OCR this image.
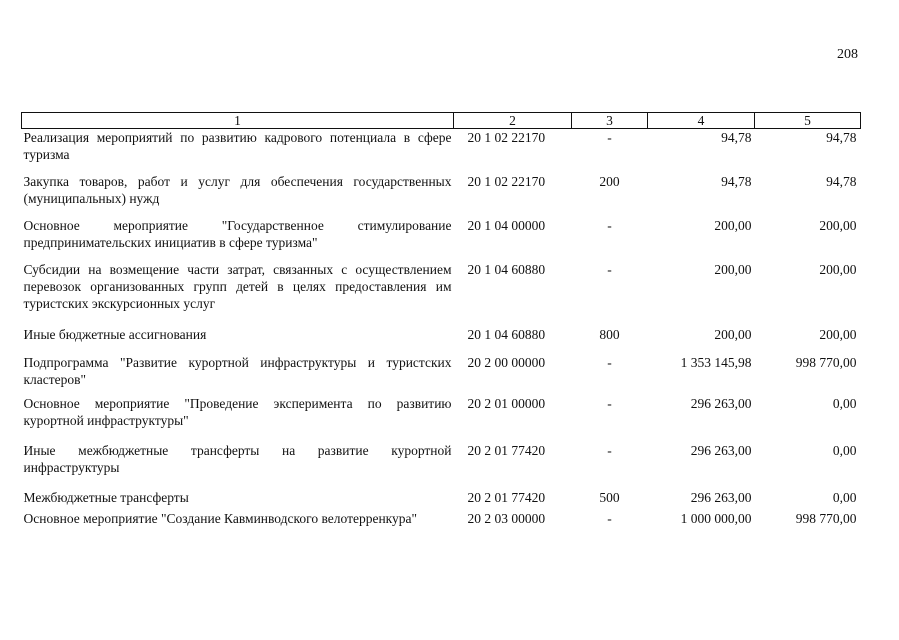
208
1	2	3	4	5
Реализация мероприятий по развитию кадрового потенциала в сфере туризма	20 1 02 22170	-	94,78	94,78
Закупка товаров, работ и услуг для обеспечения государственных (муниципальных) нужд	20 1 02 22170	200	94,78	94,78
Основное мероприятие "Государственное стимулирование предпринимательских инициатив в сфере туризма"	20 1 04 00000	-	200,00	200,00
Субсидии на возмещение части затрат, связанных с осуществлением перевозок организованных групп детей в целях предоставления им туристских экскурсионных услуг	20 1 04 60880	-	200,00	200,00
Иные бюджетные ассигнования	20 1 04 60880	800	200,00	200,00
Подпрограмма "Развитие курортной инфраструктуры и туристских кластеров"	20 2 00 00000	-	1 353 145,98	998 770,00
Основное мероприятие "Проведение эксперимента по развитию курортной инфраструктуры"	20 2 01 00000	-	296 263,00	0,00
Иные межбюджетные трансферты на развитие курортной инфраструктуры	20 2 01 77420	-	296 263,00	0,00
Межбюджетные трансферты	20 2 01 77420	500	296 263,00	0,00
Основное мероприятие "Создание Кавминводского велотерренкура"	20 2 03 00000	-	1 000 000,00	998 770,00
